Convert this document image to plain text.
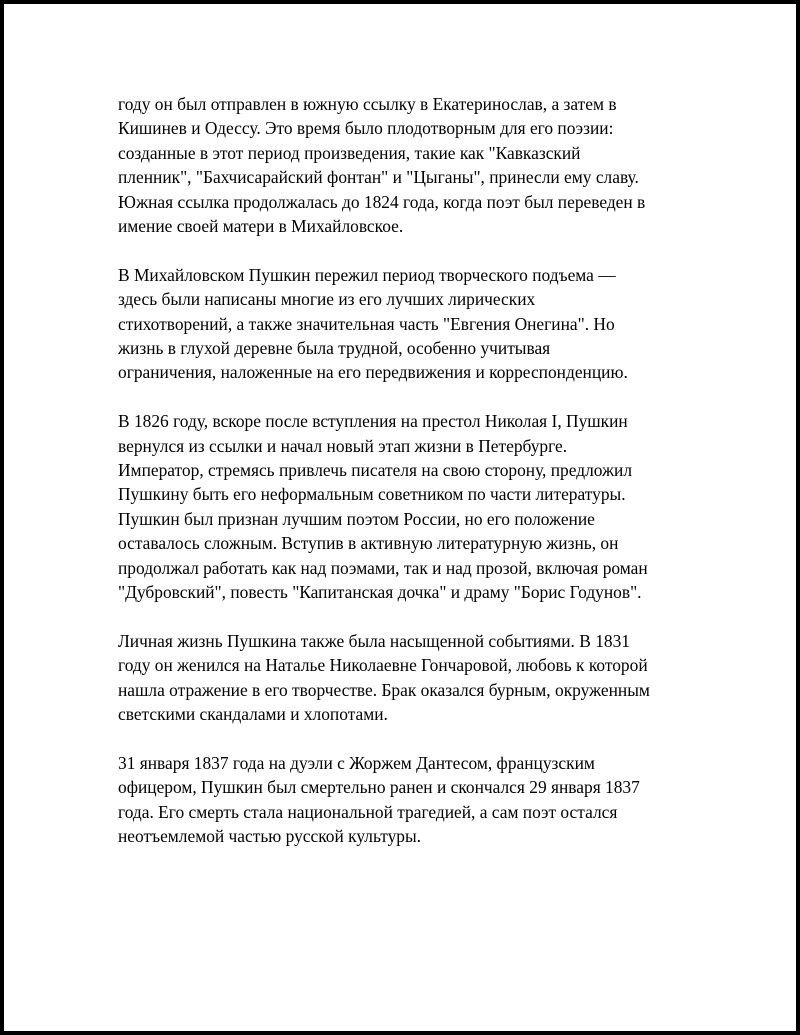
году он был отправлен в южную ссылку в Екатеринослав, а затем в
Кишинев и Одессу. Это время было плодотворным для его поэзии:
созданные в этот период произведения, такие как "Кавказский
пленник", "Бахчисарайский фонтан" и "Цыганы", принесли ему славу.
Южная ссылка продолжалась до 1824 года, когда поэт был переведен в
имение своей матери в Михайловское.

В Михайловском Пушкин пережил период творческого подъема —
здесь были написаны многие из его лучших лирических
стихотворений, а также значительная часть "Евгения Онегина". Но
жизнь в глухой деревне была трудной, особенно учитывая
ограничения, наложенные на его передвижения и корреспонденцию.

В 1826 году, вскоре после вступления на престол Николая I, Пушкин
вернулся из ссылки и начал новый этап жизни в Петербурге.
Император, стремясь привлечь писателя на свою сторону, предложил
Пушкину быть его неформальным советником по части литературы.
Пушкин был признан лучшим поэтом России, но его положение
оставалось сложным. Вступив в активную литературную жизнь, он
продолжал работать как над поэмами, так и над прозой, включая роман
"Дубровский", повесть "Капитанская дочка" и драму "Борис Годунов".

Личная жизнь Пушкина также была насыщенной событиями. В 1831
году он женился на Наталье Николаевне Гончаровой, любовь к которой
нашла отражение в его творчестве. Брак оказался бурным, окруженным
светскими скандалами и хлопотами.

31 января 1837 года на дуэли с Жоржем Дантесом, французским
офицером, Пушкин был смертельно ранен и скончался 29 января 1837
года. Его смерть стала национальной трагедией, а сам поэт остался
неотъемлемой частью русской культуры.
